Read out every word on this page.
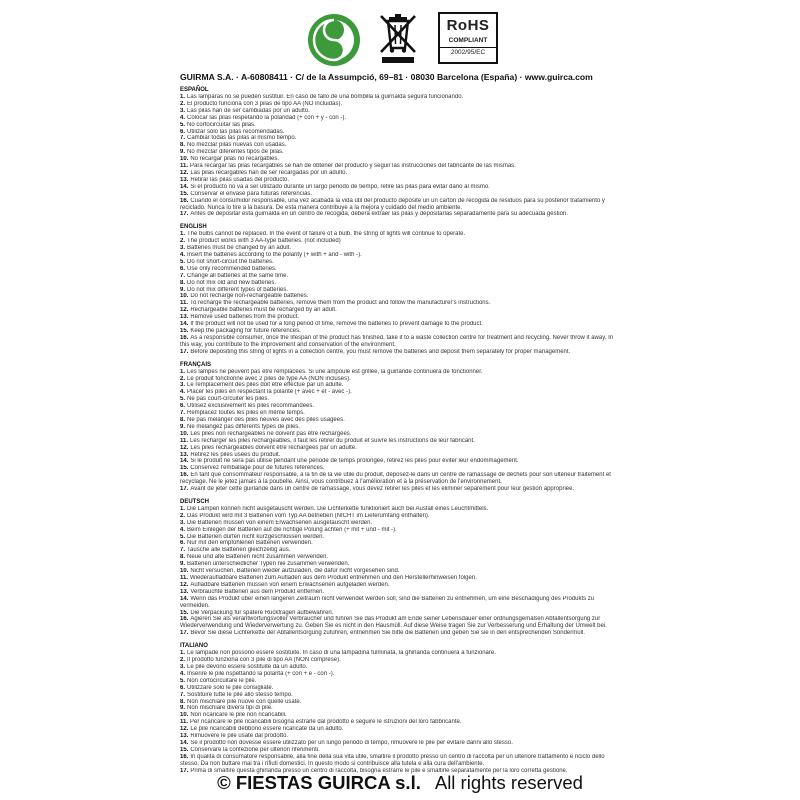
RoHS
COMPLIANT
2002/95/EC
GUIRMA S.A. · A-60808411 · C/ de la Assumpció, 69–81 · 08030 Barcelona (España) · www.guirca.com
ESPAÑOL
1. Las lámparas no se pueden sustituir. En caso de fallo de una bombilla la guirnalda seguirá funcionando.
2. El producto funciona con 3 pilas de tipo AA (NO incluidas).
3. Las pilas han de ser cambiadas por un adulto.
4. Colocar las pilas respetando la polaridad (+ con + y - con -).
5. No cortocircuitar las pilas.
6. Utilizar sólo las pilas recomendadas.
7. Cambiar todas las pilas al mismo tiempo.
8. No mezclar pilas nuevas con usadas.
9. No mezclar diferentes tipos de pilas.
10. No recargar pilas no recargables.
11. Para recargar las pilas recargables se han de obtener del producto y seguir las instrucciones del fabricante de las mismas.
12. Las pilas recargables han de ser recargadas por un adulto.
13. Retirar las pilas usadas del producto.
14. Si el producto no va a ser utilizado durante un largo periodo de tiempo, retire las pilas para evitar daño al mismo.
15. Conservar el envase para futuras referencias.
16. Cuando el consumidor responsable, una vez acabada la vida útil del producto deposite un un cartón de recogida de residuos para su posterior tratamiento y reciclado. Nunca lo tire a la basura. De esta manera contribuye a la mejora y cuidado del medio ambiente.
17. Antes de depositar esta guirnalda en un centro de recogida, deberá extraer las pilas y depositarlas separadamente para su adecuada gestión.
ENGLISH
1. The bulbs cannot be replaced. In the event of failure of a bulb, the string of lights will continue to operate.
2. The product works with 3 AA-type batteries. (not included)
3. Batteries must be changed by an adult.
4. Insert the batteries according to the polarity (+ with + and - with -).
5. Do not short-circuit the batteries.
6. Use only recommended batteries.
7. Change all batteries at the same time.
8. Do not mix old and new batteries.
9. Do not mix different types of batteries.
10. Do not recharge non-rechargeable batteries.
11. To recharge the rechargeable batteries, remove them from the product and follow the manufacturer's instructions.
12. Rechargeable batteries must be recharged by an adult.
13. Remove used batteries from the product.
14. If the product will not be used for a long period of time, remove the batteries to prevent damage to the product.
15. Keep the packaging for future references.
16. As a responsible consumer, once the lifespan of the product has finished, take it to a waste collection centre for treatment and recycling. Never throw it away. In this way, you contribute to the improvement and conservation of the environment.
17. Before depositing this string of lights in a collection centre, you must remove the batteries and deposit them separately for proper management.
FRANÇAIS
1. Les lampes ne peuvent pas être remplacées. Si une ampoule est grillée, la guirlande continuera de fonctionner.
2. Le produit fonctionne avec 2 piles de type AA (NON incluses).
3. Le remplacement des piles doit être effectué par un adulte.
4. Placer les piles en respectant la polarité (+ avec + et - avec -).
5. Ne pas court-circuiter les piles.
6. Utilisez exclusivement les piles recommandées.
7. Remplacez toutes les piles en même temps.
8. Ne pas mélanger des piles neuves avec des piles usagées.
9. Ne mélangez pas différents types de piles.
10. Les piles non rechargeables ne doivent pas être rechargées.
11. Les recharger les piles rechargeables, il faut les retirer du produit et suivre les instructions de leur fabricant.
12. Les piles rechargeables doivent être rechargées par un adulte.
13. Retirez les piles usées du produit.
14. Si le produit ne sera pas utilisé pendant une période de temps prolongée, retirez les piles pour éviter leur endommagement.
15. Conservez l'emballage pour de futures références.
16. En tant que consommateur responsable, à la fin de la vie utile du produit, déposez-le dans un centre de ramassage de déchets pour son ultérieur traitement et recyclage. Ne le jetez jamais à la poubelle. Ainsi, vous contribuez à l'amélioration et à la préservation de l'environnement.
17. Avant de jeter cette guirlande dans un centre de ramassage, vous devez retirer les piles et les éliminer séparément pour leur gestion appropriée.
DEUTSCH
1. Die Lampen können nicht ausgetauscht werden. Die Lichterkette funktioniert auch bei Ausfall eines Leuchtmittels.
2. Das Produkt wird mit 3 Batterien vom Typ AA betrieben (NICHT im Lieferumfang enthalten).
3. Die Batterien müssen von einem Erwachsenen ausgetauscht werden.
4. Beim Einlegen der Batterien auf die richtige Polung achten (+ mit + und - mit -).
5. Die Batterien dürfen nicht kurzgeschlossen werden.
6. Nur mit den empfohlenen Batterien verwenden.
7. Tausche alle Batterien gleichzeitig aus.
8. Neue und alte Batterien nicht zusammen verwenden.
9. Batterien unterschiedlicher Typen nie zusammen verwenden.
10. Nicht versuchen, Batterien wieder aufzuladen, die dafür nicht vorgesehen sind.
11. Wiederaufladbare Batterien zum Aufladen aus dem Produkt entnehmen und den Herstellerhinweisen folgen.
12. Aufladbare Batterien müssen von einem Erwachsenen aufgeladen werden.
13. Verbrauchte Batterien aus dem Produkt entfernen.
14. Wenn das Produkt über einen längeren Zeitraum nicht verwendet werden soll, sind die Batterien zu entnehmen, um eine Beschädigung des Produkts zu vermeiden.
15. Die Verpackung für spätere Rückfragen aufbewahren.
16. Agieren Sie als verantwortungsvoller Verbraucher und führen Sie das Produkt am Ende seiner Lebensdauer einer ordnungsgemäßen Abfallentsorgung zur Wiederverwendung und Wiederverwertung zu. Geben Sie es nicht in den Hausmüll. Auf diese Weise tragen Sie zur Verbesserung und Erhaltung der Umwelt bei.
17. Bevor Sie diese Lichterkette der Abfallentsorgung zuführen, entnehmen Sie bitte die Batterien und geben Sie sie in den entsprechenden Sondermüll.
ITALIANO
1. Le lampade non possono essere sostituite. In caso di una lampadina fulminata, la ghirlanda continuerà a funzionare.
2. Il prodotto funziona con 3 pile di tipo AA (NON comprese).
3. Le pile devono essere sostituite da un adulto.
4. Inserire le pile rispettando la polarità (+ con + e - con -).
5. Non cortocircuitare le pile.
6. Utilizzare solo le pile consigliate.
7. Sostituire tutte le pile allo stesso tempo.
8. Non mischiare pile nuove con quelle usate.
9. Non mischiare diversi tipi di pile.
10. Non ricaricare le pile non ricaricabili.
11. Per ricaricare le pile ricaricabili bisogna estrarle dal prodotto e seguire le istruzioni del loro fabbricante.
12. Le pile ricaricabili debbono essere ricaricate da un adulto.
13. Rimuovere le pile usate dal prodotto.
14. Se il prodotto non dovesse essere utilizzato per un lungo periodo di tempo, rimuovere le pile per evitare danni allo stesso.
15. Conservare la confezione per ulteriori riferimenti.
16. In qualità di consumatore responsabile, alla fine della sua vita utile, smaltire il prodotto presso un centro di raccolta per un ulteriore trattamento e riciclo dello stesso. Da non buttare mai tra i rifiuti domestici. In questo modo si contribuisce alla tutela e alla cura dell'ambiente.
17. Prima di smaltire questa ghirlanda presso un centro di raccolta, bisogna estrarre le pile e smaltirle separatamente per la loro corretta gestione.
© FIESTAS GUIRCA s.l. All rights reserved
